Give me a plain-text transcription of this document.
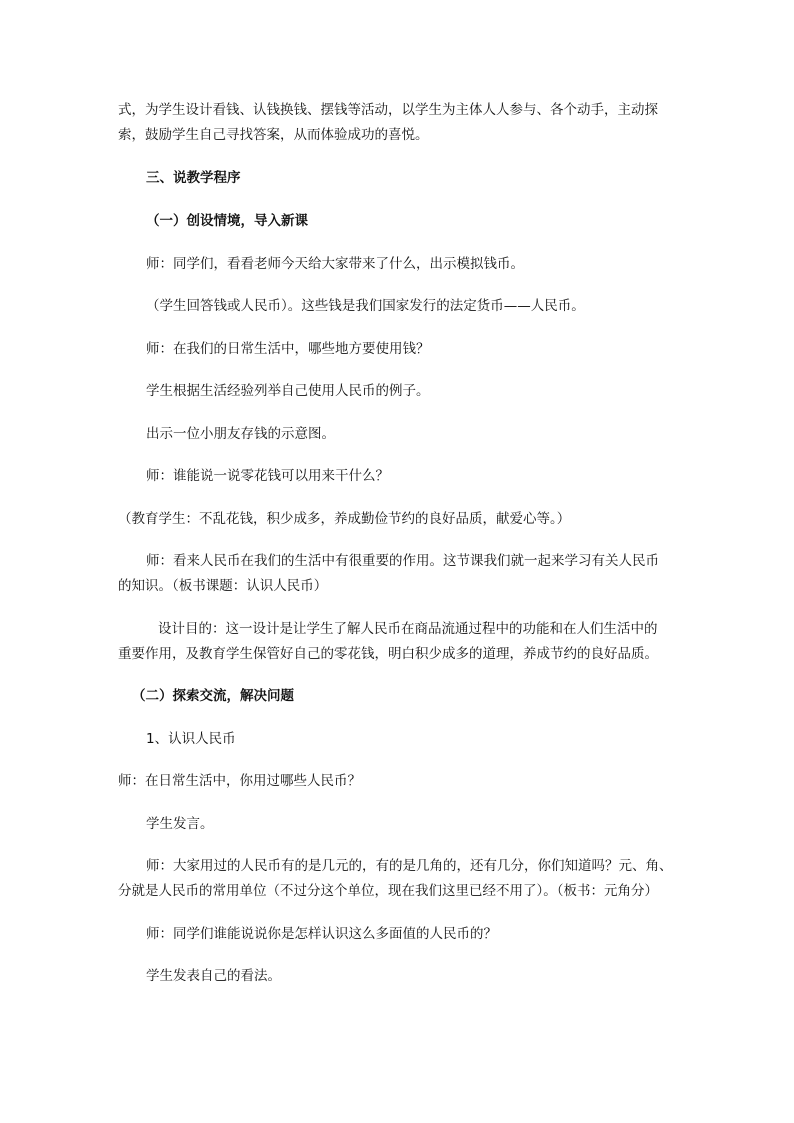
式，为学生设计看钱、认钱换钱、摆钱等活动，以学生为主体人人参与、各个动手，主动探
索，鼓励学生自己寻找答案，从而体验成功的喜悦。
三、说教学程序
（一）创设情境，导入新课
师：同学们，看看老师今天给大家带来了什么，出示模拟钱币。
（学生回答钱或人民币）。这些钱是我们国家发行的法定货币——人民币。
师：在我们的日常生活中，哪些地方要使用钱？
学生根据生活经验列举自己使用人民币的例子。
出示一位小朋友存钱的示意图。
师：谁能说一说零花钱可以用来干什么？
（教育学生：不乱花钱，积少成多，养成勤俭节约的良好品质，献爱心等。）
师：看来人民币在我们的生活中有很重要的作用。这节课我们就一起来学习有关人民币
的知识。（板书课题：认识人民币）
设计目的：这一设计是让学生了解人民币在商品流通过程中的功能和在人们生活中的
重要作用，及教育学生保管好自己的零花钱，明白积少成多的道理，养成节约的良好品质。
（二）探索交流，解决问题
1、认识人民币
师：在日常生活中，你用过哪些人民币？
学生发言。
师：大家用过的人民币有的是几元的，有的是几角的，还有几分，你们知道吗？元、角、
分就是人民币的常用单位（不过分这个单位，现在我们这里已经不用了）。（板书：元角分）
师：同学们谁能说说你是怎样认识这么多面值的人民币的？
学生发表自己的看法。
